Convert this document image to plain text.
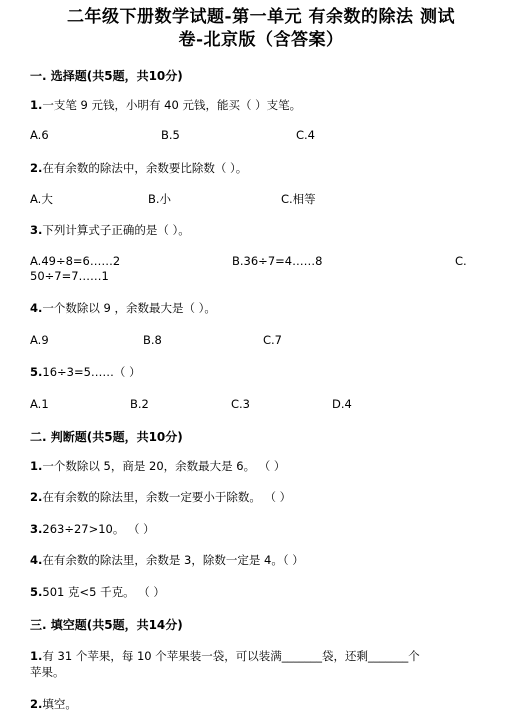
二年级下册数学试题-第一单元 有余数的除法 测试
卷-北京版（含答案）
一. 选择题(共5题，共10分)
1.一支笔 9 元钱，小明有 40 元钱，能买（ ）支笔。
A.6	B.5	C.4
2.在有余数的除法中，余数要比除数（ ）。
A.大	B.小	C.相等
3.下列计算式子正确的是（ ）。
A.49÷8=6……2	B.36÷7=4……8	C.
50÷7=7……1
4.一个数除以 9 ，余数最大是（ ）。
A.9	B.8	C.7
5.16÷3=5……（ ）
A.1	B.2	C.3	D.4
二. 判断题(共5题，共10分)
1.一个数除以 5，商是 20，余数最大是 6。 （ ）
2.在有余数的除法里，余数一定要小于除数。 （ ）
3.263÷27>10。 （ ）
4.在有余数的除法里，余数是 3，除数一定是 4。（ ）
5.501 克<5 千克。 （ ）
三. 填空题(共5题，共14分)
1.有 31 个苹果，每 10 个苹果装一袋，可以装满_______袋，还剩_______个
苹果。
2.填空。
